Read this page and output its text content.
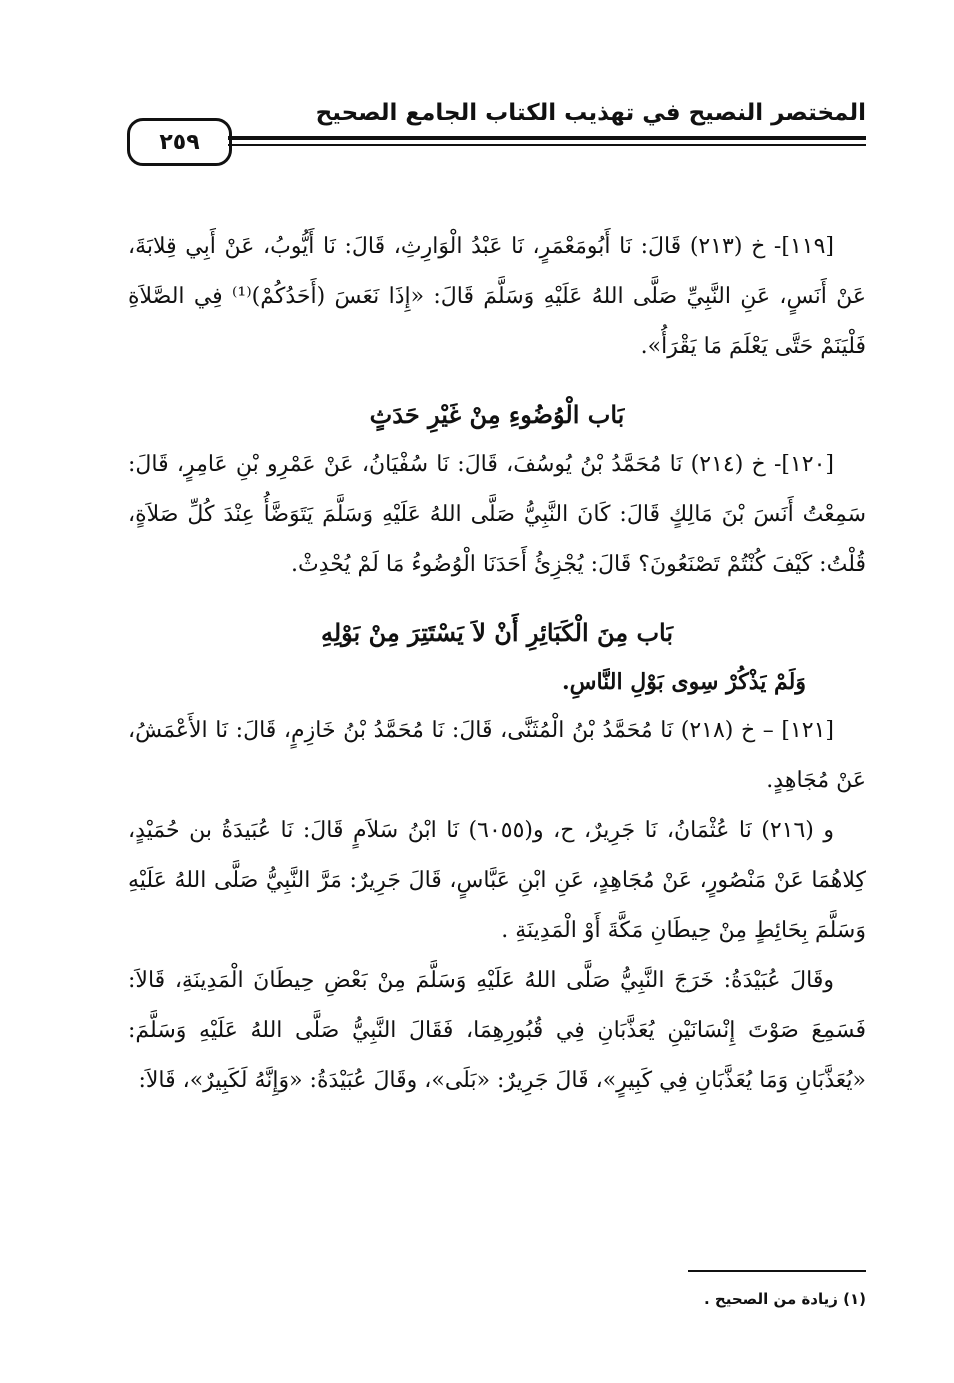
المختصر النصيح في تهذيب الكتاب الجامع الصحيح
٢٥٩

[١١٩]- خ (٢١٣) قَالَ: نَا أَبُومَعْمَرٍ، نَا عَبْدُ الْوَارِثِ، قَالَ: نَا أَيُّوبُ، عَنْ أَبِي قِلابَةَ، عَنْ أَنَسٍ، عَنِ النَّبِيِّ صَلَّى اللهُ عَلَيْهِ وَسَلَّمَ قَالَ: «إِذَا نَعَسَ (أَحَدُكُمْ)⁽¹⁾ فِي الصَّلاَةِ فَلْيَنَمْ حَتَّى يَعْلَمَ مَا يَقْرَأُ».

بَاب الْوُضُوءِ مِنْ غَيْرِ حَدَثٍ

[١٢٠]- خ (٢١٤) نَا مُحَمَّدُ بْنُ يُوسُفَ، قَالَ: نَا سُفْيَانُ، عَنْ عَمْرِو بْنِ عَامِرٍ، قَالَ: سَمِعْتُ أَنَسَ بْنَ مَالِكٍ قَالَ: كَانَ النَّبِيُّ صَلَّى اللهُ عَلَيْهِ وَسَلَّمَ يَتَوَضَّأُ عِنْدَ كُلِّ صَلاَةٍ، قُلْتُ: كَيْفَ كُنْتُمْ تَصْنَعُونَ؟ قَالَ: يُجْزِئُ أَحَدَنَا الْوُضُوءُ مَا لَمْ يُحْدِثْ.

بَاب مِنَ الْكَبَائِرِ أَنْ لاَ يَسْتَتِرَ مِنْ بَوْلِهِ

وَلَمْ يَذْكُرْ سِوى بَوْلِ النَّاسِ.

[١٢١] – خ (٢١٨) نَا مُحَمَّدُ بْنُ الْمُثَنَّى، قَالَ: نَا مُحَمَّدُ بْنُ خَازِمٍ، قَالَ: نَا الأَعْمَشُ، عَنْ مُجَاهِدٍ.

و (٢١٦) نَا عُثْمَانُ، نَا جَرِيرٌ، ح، و(٦٠٥٥) نَا ابْنُ سَلاَمٍ قَالَ: نَا عُبَيدَةُ بن حُمَيْدٍ، كِلاهُمَا عَنْ مَنْصُورٍ، عَنْ مُجَاهِدٍ، عَنِ ابْنِ عَبَّاسٍ، قَالَ جَرِيرٌ: مَرَّ النَّبِيُّ صَلَّى اللهُ عَلَيْهِ وَسَلَّمَ بِحَائِطٍ مِنْ حِيطَانِ مَكَّةَ أَوْ الْمَدِينَةِ .

وقَالَ عُبَيْدَةُ: خَرَجَ النَّبِيُّ صَلَّى اللهُ عَلَيْهِ وَسَلَّمَ مِنْ بَعْضِ حِيطَانَ الْمَدِينَةِ، قَالاَ: فَسَمِعَ صَوْتَ إِنْسَانَيْنِ يُعَذَّبَانِ فِي قُبُورِهِمَا، فَقَالَ النَّبِيُّ صَلَّى اللهُ عَلَيْهِ وَسَلَّمَ: «يُعَذَّبَانِ وَمَا يُعَذَّبَانِ فِي كَبِيرٍ»، قَالَ جَرِيرٌ: «بَلَى»، وقَالَ عُبَيْدَةُ: «وَإِنَّهُ لَكَبِيرٌ»، قَالاَ:

(١) زيادة من الصحيح .
